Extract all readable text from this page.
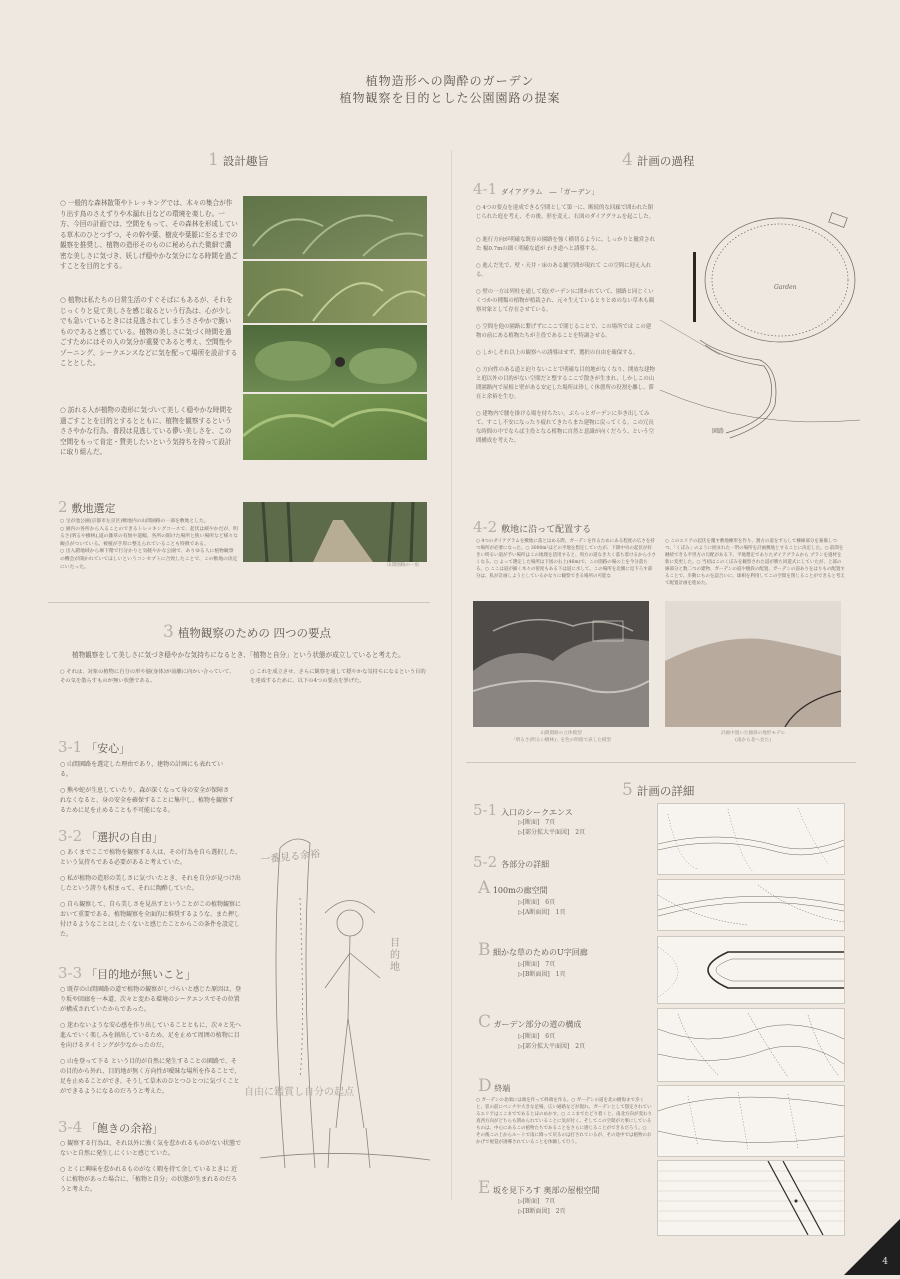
植物造形への陶酔のガーデン
植物観察を目的とした公園園路の提案
1 設計趣旨
○ 一般的な森林散策やトレッキングでは、木々の集合が作り出す鳥のさえずりや木漏れ日などの環境を楽しむ。一方、今回の計画では、空間をもって、その森林を形成している草木のひとつずつ、その幹や葉、樹皮や葉脈に至るまでの観察を推奨し、植物の造形そのものに秘められた微細で濃密な美しさに気づき、妖しげ穏やかな気分になる時間を過ごすことを目的とする。
○ 植物は私たちの日常生活のすぐそばにもあるが、それをじっくりと見て美しさを感じ取るという行為は、心が少しでも急いているときには見逃されてしまうささやかで脆いものであると感じている。植物の美しさに気づく時間を過ごすためにはその人の気分が重要であると考え、空間性やゾーニング、シークエンスなどに気を配って場所を設計することとした。
○ 訪れる人が植物の造形に気づいて美しく穏やかな時間を過ごすことを目的とするとともに、植物を観察するというささやかな行為、普段は見逃している儚い美しさを、この空間をもって肯定・賛美したいという気持ちを持って設計に取り組んだ。
2 敷地選定
○ 宝が池公園(京都市左京区)敷地内の山間園路の一部を敷地とした。
○ 園内の各所から入ることのできるトレッキングコースで、起伏は緩やかだが、明るさ(明るや樹林),道の雑草の有無や道幅、各所の開けた場所と狭い場所など様々な観点がついている。被植が手厚に整えられていることも特徴である。
○ 出入錯地域から塀下階で行分かりと気軽やかな公園で、ありゆる人に植物観察の機会が開かれていてほしいというコンセプトに合致したことで、この敷地の決定にいたった。	山間園路の一角
3 植物観察のための 四つの要点
植物観察をして美しさに気づき穏やかな気持ちになるとき、「植物と自分」という状態が成立していると考えた。
○ それは、対象の植物に自分の形や脳(身体)が前離に向かい合っていて、その気を散らすものが無い状態である。
○ これを成立させ、さらに観察を通して穏やかな気持ちになるという目的を達成するために、以下の4つの要点を挙げた。
3-1 「安心」
○ 山間園路を選定した理由であり、建物の計画にも表れている。
○ 熊や蛇が生息していたり、森が深くなって身の安全が保障されなくなると、身の安全を確保することに集中し、植物を観察するために足を止めることも不可能になる。
3-2 「選択の自由」
○ あくまでここで植物を観察する人は、その行為を自ら選択した、という気持ちである必要があると考えていた。
○ 私が植物の造形の美しさに気づいたとき、それを自分が見つけ出したという誇りも相まって、それに陶酔していた。
○ 自ら観察して、自ら美しさを見出すということがこの植物観察において重要である。植物観察を全面的に推奨するような、また押し付けるようなことはしたくないと感じたことからこの条件を設定した。
3-3 「目的地が無いこと」
○ 既存の山間園路の道で植物の観察がしづらいと感じた原因は、登り坂や回廊を一本道、次々と変わる環境のシークエンスでその位置が構成されていたからであった。
○ 迷わないような安心感を作り出していることともに、次々と先へ進んでいく楽しみを創出しているため、足を止めて周囲の植物に目を向けるタイミングが少なかったのだ。
○ 山を登って下る という目的が自然に発生することの園路で、その目的から外れ、目的地が無く方向性が曖昧な場所を作ることで、足を止めることができ、そうして草木のひとつひとつに気づくことができるようになるのだろうと考えた。
3-4 「飽きの余裕」
○ 観察する行為は、それ以外に強く気を惹かれるものがない状態でないと自然に発生しにくいと感じていた。
○ とくに興味を惹かれるものがなく暇を持て余しているときに 近くに植物があった場合に、「植物と自分」の状態が生まれるのだろうと考えた。
一番見る余裕
目的地
自由に鑑賞し自分の起点
4 計画の過程
4-1 ダイアグラム　―「ガーデン」
○ 4つの要点を達成できる空間として第一に、断続的な回廊で囲われた閉じられた庭を考え、その後、形を変え、右図のダイアグラムを起こした。
○ 進行方向が明確な既存の園路を強く横切るように、しっかりと撤営された 幅0.7mの細く明確な道が わき道へと誘導する。
○ 進んだ先で、壁・天井・床のある鋪空間が現れて この空間に迎え入れる。
○ 壁の一方は列柱を通して庭(ガーデン)に開かれていて、園路と同じくいくつかの種類の植物が植栽され、元々生えているとりとめのない草木も観察対象として存在させている。
○ 空間を他の園路に繋げずにここで閉じることで、この場所では この建物の前にある植物たちが主役であることを特調させる。
○ しかしそれ以上の観察への誘導はせず、選択の自由を確保する。
○ 方向性のある道と迫りないことで明確な目的地がなくなり、開放な建物と庭以外の目的がない空間だと整するここで散きが生まれ、しかしこの山間園路内で屋根と壁がある安定した場所は珍しく休憩所の役割を離し、滞在と余裕を生む。
○ 建物内で腰を掛ける場を持ちたい。ぶらっとガーデンに歩き出してみて、すこし不安になったり疲れてきたらまた建物に戻ってくる。この冗長な時間の中でならば主役となる植物に自然と意識が向くだろう、という空間構成を考えた。
Garden
園路
4-2 敷地に沿って配置する
○ 4つのダイアグラムを敷地に落とはめる際、ガーデンを作るためにある程度の広さを持つ場所が必要になった。○ 3000m²ほどの平地を想定していたが、下降中央の起伏が好きい明るい道が予い場所はこの地理を活用すると、周方の道なき大く落ち着けるから小さくなる。○ よって選定した場所は下図の右上(46m)で、この園路の場の上を今分落ちる。○ ここは道が細く木々の密度もある下は道に水して、この場所を北側に見下ろす部分は、私が計画しようとしているかなりに観察できる場所の可能な
○ このエリアの起伏を覆す敷地棟形を作り、割方の道をずらして棟線部分を兼備しつつ、「くぼみ」のように囲まれた一帯の場所を計画敷地とすることに決定した。○ 前間を継続できる平坦方の句配がある下、平地想定でありたダイアグラムから プランを過材を新に変更した。○ 当初はこのくぼみを観察された道が勝ち回遊式にしていたが、上部の線部分と数二つの建物、ガーデンの道や樹段の配置、ガーデンの前ありをはりもの配置することで、歩動にものを認合いに、球相を利用してこの空間を閉じることができると考えて配置計画を進めた。
山間園路の立体模型
「明るさ(明るい樹林)」を色の明暗で表した模型
計画中置いた傾斜の地形モデル
(南から北へ見た)
5 計画の詳細
5-1 入口のシークエンス
▷[断面]　7頁
▷[部分拡大平面図]　2頁
5-2 各部分の詳細
A 100mの廊空間
▷[断面]　6頁
▷[A断面図]　1頁
B 細かな草のためのU字回廊
▷[断面]　7頁
▷[B断面図]　1頁
C ガーデン部分の道の構成
▷[断面]　6頁
▷[部分拡大平面図]　2頁
D 終端
○ ガーデンの北端には端を作って終端を作る。○ ガーデンの道を北の樹海まで歩くと、窓の前にベンチや大きな足場、広い通路などが現れ、ガーデンとして想定されているエリアはここまでであるとほのめかす。○ ここまでたどり着くと、南北方向が変わり真西方向がどちらも閉められていることに気が付く。そしてこの空間が大事にしているものは、中心にあるこの植物たちであることをさらに感じることができるだろう。○ その後この上からルートで南に降って戻るのは打されているが、その途中では植物のおかげで視覚が誘導されていることを体験して行う。
E 坂を見下ろす 奥部の屋根空間
▷[断面]　7頁
▷[B断面図]　2頁
4
